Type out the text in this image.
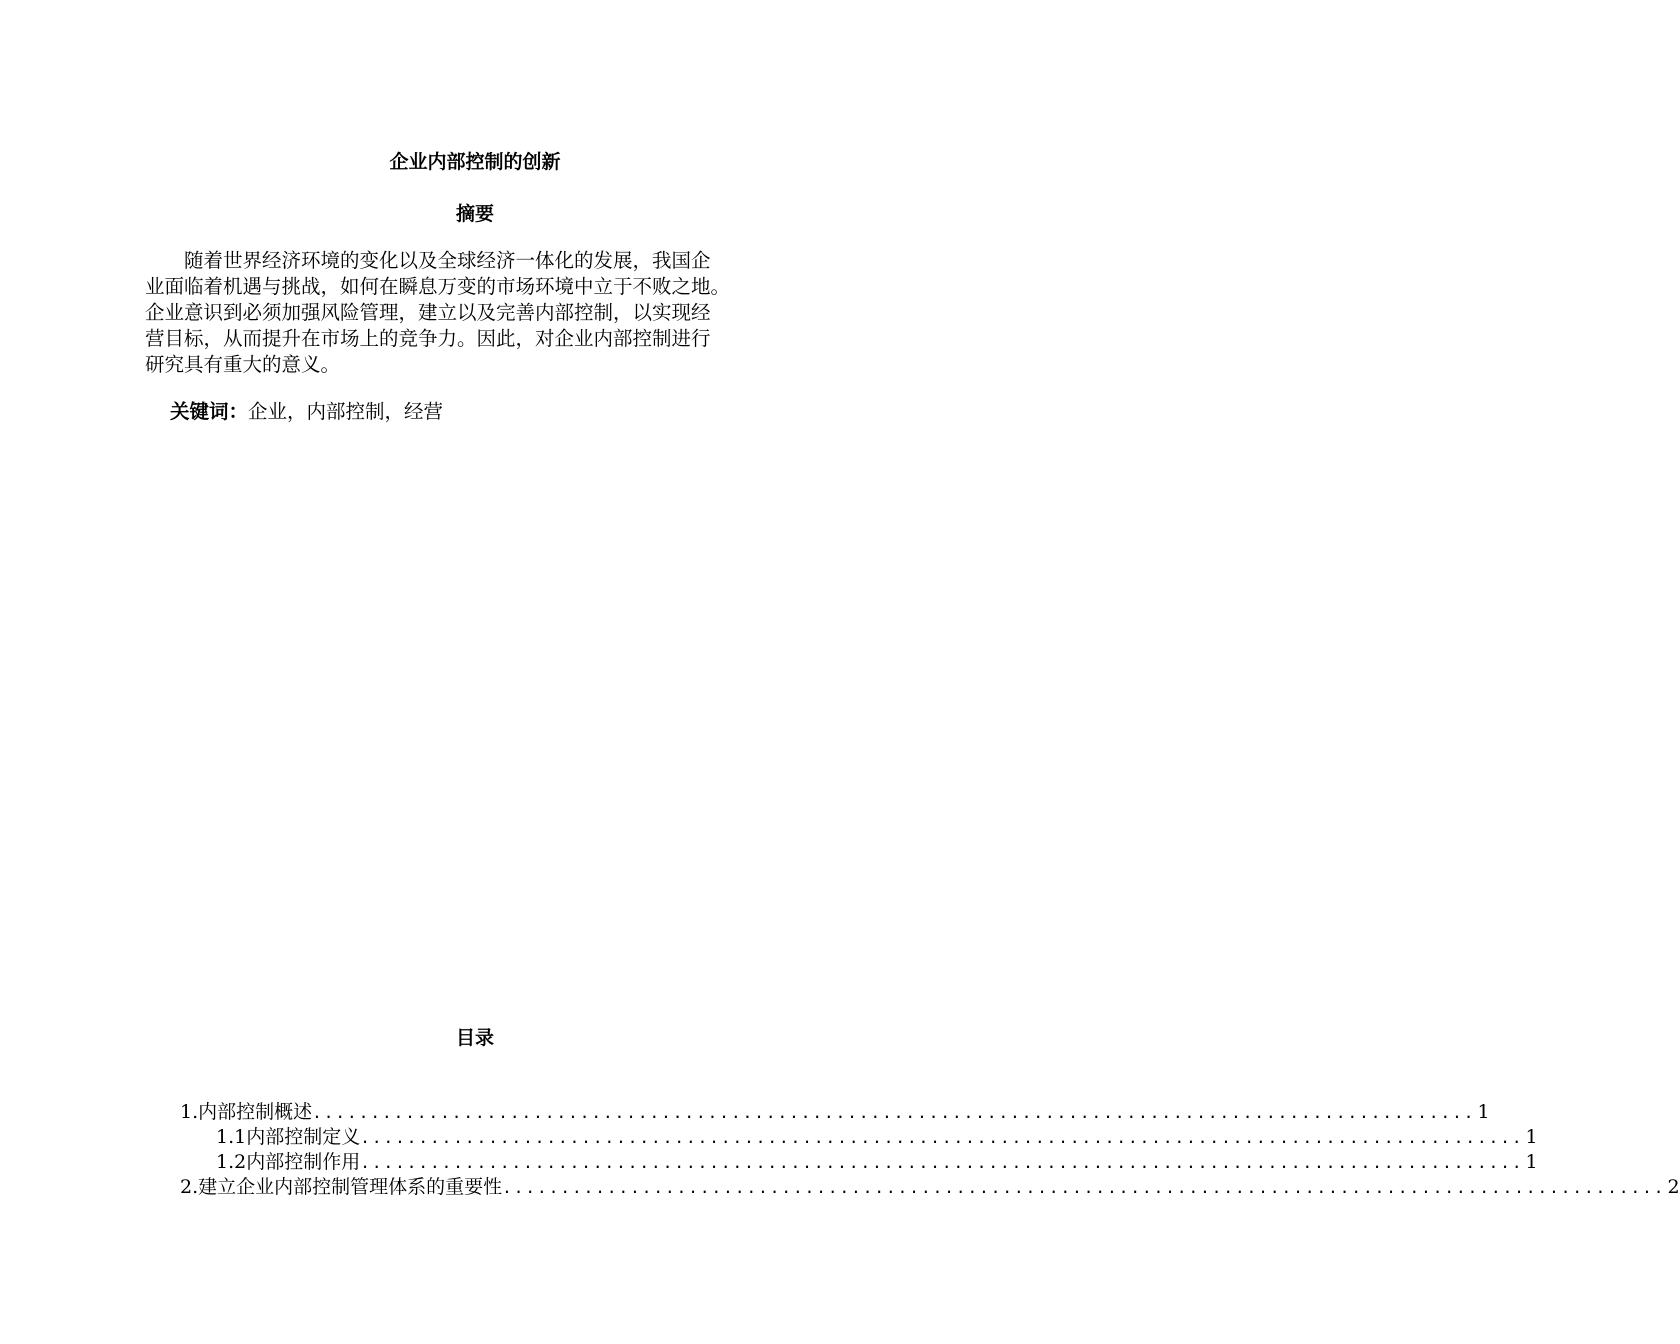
企业内部控制的创新
摘要
　　随着世界经济环境的变化以及全球经济一体化的发展，我国企
业面临着机遇与挑战，如何在瞬息万变的市场环境中立于不败之地。
企业意识到必须加强风险管理，建立以及完善内部控制，以实现经
营目标，从而提升在市场上的竞争力。因此，对企业内部控制进行
研究具有重大的意义。
关键词：企业，内部控制，经营
目录
1. 内部控制概述 .................................................................................................... 1
1.1 内部控制定义 .................................................................................................... 1
1.2 内部控制作用 .................................................................................................... 1
2. 建立企业内部控制管理体系的重要性 .................................................................................................... 2
